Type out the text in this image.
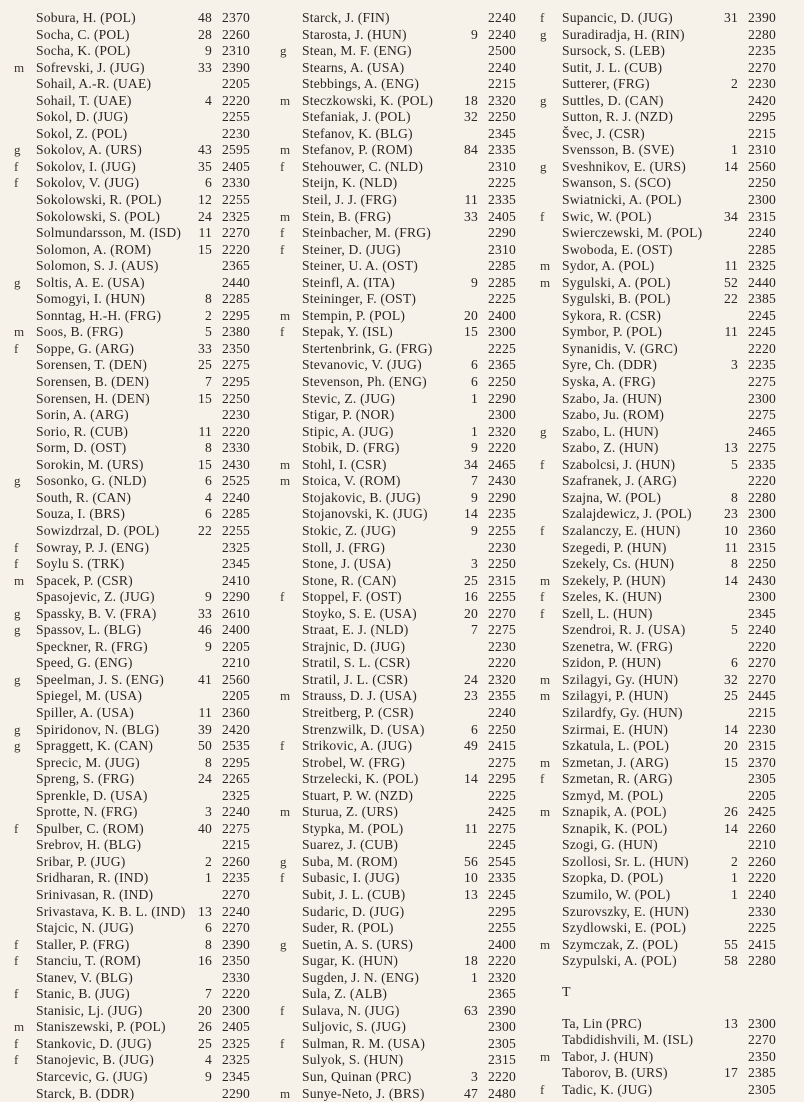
Sobura, H. (POL)	48 2370
Socha, C. (POL)	28 2260
Socha, K. (POL)	9 2310
m Sofrevski, J. (JUG)	33 2390
Sohail, A.-R. (UAE)	2205
Sohail, T. (UAE)	4 2220
Sokol, D. (JUG)	2255
Sokol, Z. (POL)	2230
g	Sokolov, A. (URS)	43 2595
f	Sokolov, I. (JUG)	35 2405
f	Sokolov, V. (JUG)	6 2330
Sokolowski, R. (POL)	12 2255
Sokolowski, S. (POL)	24 2325
Solmundarsson, M. (ISD)	11 2270
Solomon, A. (ROM)	15 2220
Solomon, S. J. (AUS)	2365
g	Soltis, A. E. (USA)	2440
Somogyi, I. (HUN)	8 2285
Sonntag, H.-H. (FRG)	2 2295
m Soos, B. (FRG)	5 2380
f	Soppe, G. (ARG)	33 2350
Sorensen, T. (DEN)	25 2275
Sorensen, B. (DEN)	7 2295
Sorensen, H. (DEN)	15 2250
Sorin, A. (ARG)	2230
Sorio, R. (CUB)	11 2220
Sorm, D. (OST)	8 2330
Sorokin, M. (URS)	15 2430
g	Sosonko, G. (NLD)	6 2525
South, R. (CAN)	4 2240
Souza, I. (BRS)	6 2285
Sowizdrzal, D. (POL)	22 2255
f	Sowray, P. J. (ENG)	2325
f	Soylu S. (TRK)	2345
m Spacek, P. (CSR)	2410
Spasojevic, Z. (JUG)	9 2290
g	Spassky, B. V. (FRA)	33 2610
g	Spassov, L. (BLG)	46 2400
Speckner, R. (FRG)	9 2205
Speed, G. (ENG)	2210
g	Speelman, J. S. (ENG)	41 2560
Spiegel, M. (USA)	2205
Spiller, A. (USA)	11 2360
g	Spiridonov, N. (BLG)	39 2420
g	Spraggett, K. (CAN)	50 2535
Sprecic, M. (JUG)	8 2295
Spreng, S. (FRG)	24 2265
Sprenkle, D. (USA)	2325
Sprotte, N. (FRG)	3 2240
f	Spulber, C. (ROM)	40 2275
Srebrov, H. (BLG)	2215
Sribar, P. (JUG)	2 2260
Sridharan, R. (IND)	1 2235
Srinivasan, R. (IND)	2270
Srivastava, K. B. L. (IND) 13 2240
Stajcic, N. (JUG)	6 2270
f	Staller, P. (FRG)	8 2390
f	Stanciu, T. (ROM)	16 2350
Stanev, V. (BLG)	2330
f	Stanic, B. (JUG)	7 2220
Stanisic, Lj. (JUG)	20 2300
m Staniszewski, P. (POL)	26 2405
f	Stankovic, D. (JUG)	25 2325
f	Stanojevic, B. (JUG)	4 2325
Starcevic, G. (JUG)	9 2345
Starck, B. (DDR)	2290
Starck, J. (FIN)	2240
Starosta, J. (HUN)	9 2240
g	Stean, M. F. (ENG)	2500
Stearns, A. (USA)	2240
Stebbings, A. (ENG)	2215
m Steczkowski, K. (POL)	18 2320
Stefaniak, J. (POL)	32 2250
Stefanov, K. (BLG)	2345
m Stefanov, P. (ROM)	84 2335
f	Stehouwer, C. (NLD)	2310
Steijn, K. (NLD)	2225
Steil, J. J. (FRG)	11 2335
m Stein, B. (FRG)	33 2405
f	Steinbacher, M. (FRG)	2290
f	Steiner, D. (JUG)	2310
Steiner, U. A. (OST)	2285
Steinfl, A. (ITA)	9 2285
Steininger, F. (OST)	2225
m Stempin, P. (POL)	20 2400
f	Stepak, Y. (ISL)	15 2300
Stertenbrink, G. (FRG)	2225
Stevanovic, V. (JUG)	6 2365
Stevenson, Ph. (ENG)	6 2250
Stevic, Z. (JUG)	1 2290
Stigar, P. (NOR)	2300
Stipic, A. (JUG)	1 2320
Stobik, D. (FRG)	9 2220
m Stohl, I. (CSR)	34 2465
m Stoica, V. (ROM)	7 2430
Stojakovic, B. (JUG)	9 2290
Stojanovski, K. (JUG)	14 2235
Stokic, Z. (JUG)	9 2255
Stoll, J. (FRG)	2230
Stone, J. (USA)	3 2250
Stone, R. (CAN)	25 2315
f	Stoppel, F. (OST)	16 2255
Stoyko, S. E. (USA)	20 2270
Straat, E. J. (NLD)	7 2275
Strajnic, D. (JUG)	2230
Stratil, S. L. (CSR)	2220
Stratil, J. L. (CSR)	24 2320
m Strauss, D. J. (USA)	23 2355
Streitberg, P. (CSR)	2240
Strenzwilk, D. (USA)	6 2250
f	Strikovic, A. (JUG)	49 2415
Strobel, W. (FRG)	2275
Strzelecki, K. (POL)	14 2295
Stuart, P. W. (NZD)	2225
m Sturua, Z. (URS)	2425
Stypka, M. (POL)	11 2275
Suarez, J. (CUB)	2245
g	Suba, M. (ROM)	56 2545
f	Subasic, I. (JUG)	10 2335
Subit, J. L. (CUB)	13 2245
Sudaric, D. (JUG)	2295
Suder, R. (POL)	2255
g	Suetin, A. S. (URS)	2400
Sugar, K. (HUN)	18 2220
Sugden, J. N. (ENG)	1 2320
Sula, Z. (ALB)	2365
f	Sulava, N. (JUG)	63 2390
Suljovic, S. (JUG)	2300
f	Sulman, R. M. (USA)	2305
Sulyok, S. (HUN)	2315
Sun, Quinan (PRC)	3 2220
m Sunye-Neto, J. (BRS)	47 2480
f	Supancic, D. (JUG)	31 2390
g	Suradiradja, H. (RIN)	2280
Sursock, S. (LEB)	2235
Sutit, J. L. (CUB)	2270
Sutterer, (FRG)	2 2230
g	Suttles, D. (CAN)	2420
Sutton, R. J. (NZD)	2295
Švec, J. (CSR)	2215
Svensson, B. (SVE)	1 2310
g	Sveshnikov, E. (URS)	14 2560
Swanson, S. (SCO)	2250
Swiatnicki, A. (POL)	2300
f	Swic, W. (POL)	34 2315
Swierczewski, M. (POL)	2240
Swoboda, E. (OST)	2285
m Sydor, A. (POL)	11 2325
m Sygulski, A. (POL)	52 2440
Sygulski, B. (POL)	22 2385
Sykora, R. (CSR)	2245
Symbor, P. (POL)	11 2245
Synanidis, V. (GRC)	2220
Syre, Ch. (DDR)	3 2235
Syska, A. (FRG)	2275
Szabo, Ja. (HUN)	2300
Szabo, Ju. (ROM)	2275
g	Szabo, L. (HUN)	2465
Szabo, Z. (HUN)	13 2275
f	Szabolcsi, J. (HUN)	5 2335
Szafranek, J. (ARG)	2220
Szajna, W. (POL)	8 2280
Szalajdewicz, J. (POL)	23 2300
f	Szalanczy, E. (HUN)	10 2360
Szegedi, P. (HUN)	11 2315
Szekely, Cs. (HUN)	8 2250
m Szekely, P. (HUN)	14 2430
f	Szeles, K. (HUN)	2300
f	Szell, L. (HUN)	2345
Szendroi, R. J. (USA)	5 2240
Szenetra, W. (FRG)	2220
Szidon, P. (HUN)	6 2270
m Szilagyi, Gy. (HUN)	32 2270
m Szilagyi, P. (HUN)	25 2445
Szilardfy, Gy. (HUN)	2215
Szirmai, E. (HUN)	14 2230
Szkatula, L. (POL)	20 2315
m Szmetan, J. (ARG)	15 2370
f	Szmetan, R. (ARG)	2305
Szmyd, M. (POL)	2205
m Sznapik, A. (POL)	26 2425
Sznapik, K. (POL)	14 2260
Szogi, G. (HUN)	2210
Szollosi, Sr. L. (HUN)	2 2260
Szopka, D. (POL)	1 2220
Szumilo, W. (POL)	1 2240
Szurovszky, E. (HUN)	2330
Szydlowski, E. (POL)	2225
m Szymczak, Z. (POL)	55 2415
Szypulski, A. (POL)	58 2280
T
Ta, Lin (PRC)	13 2300
Tabdidishvili, M. (ISL)	2270
m Tabor, J. (HUN)	2350
Taborov, B. (URS)	17 2385
f	Tadic, K. (JUG)	2305
